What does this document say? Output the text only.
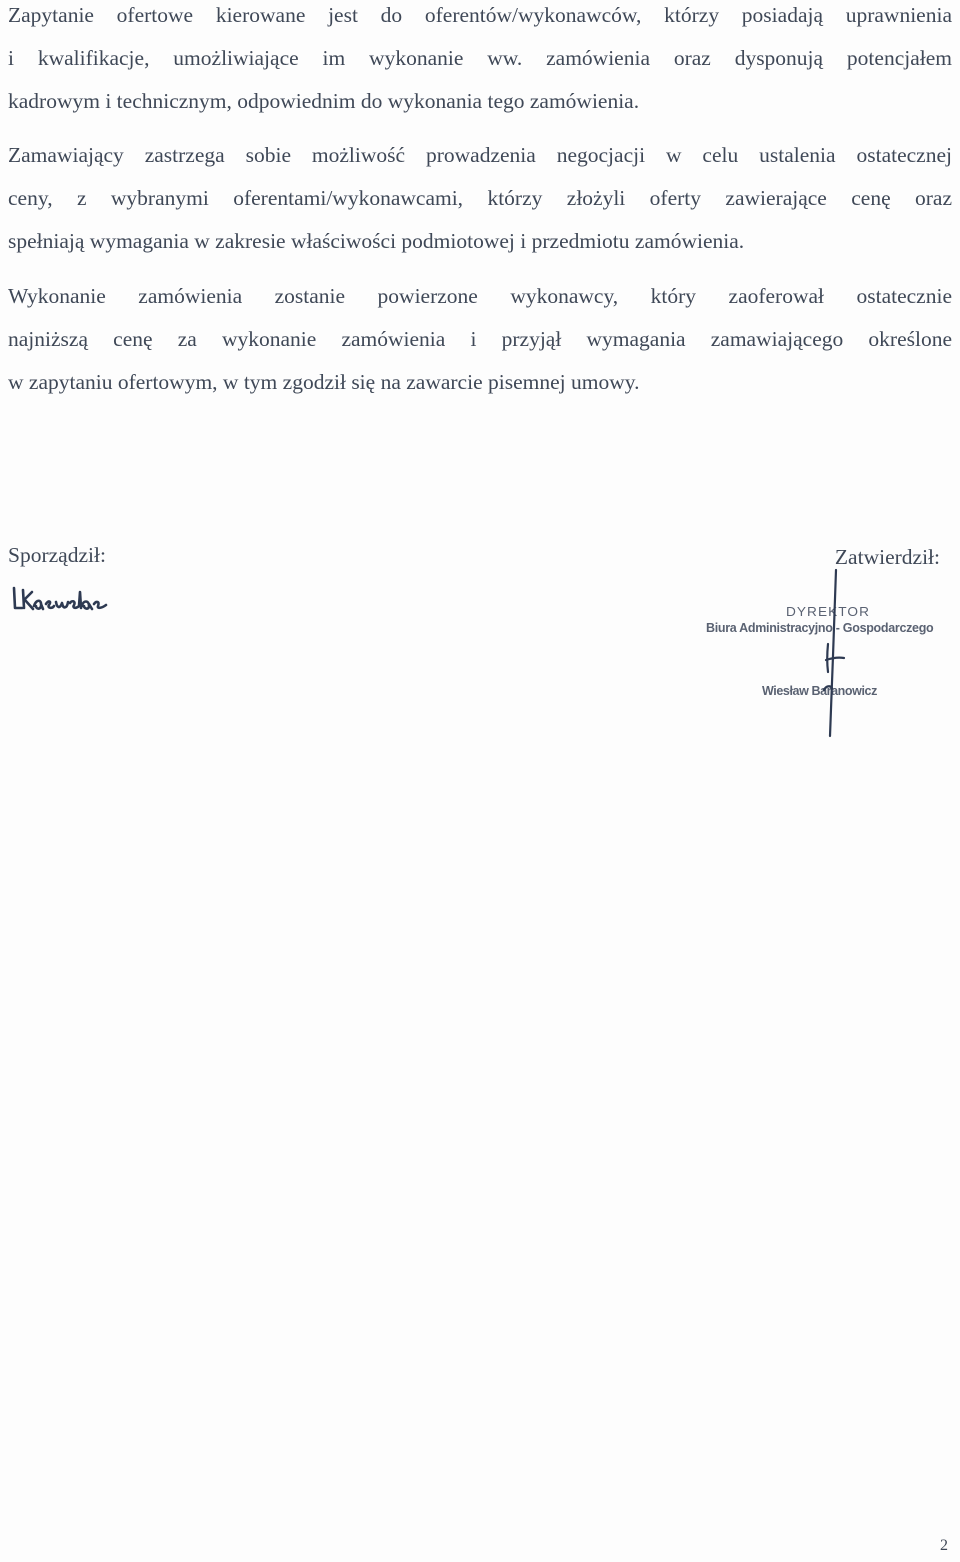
Zapytanie ofertowe kierowane jest do oferentów/wykonawców, którzy posiadają uprawnienia
i kwalifikacje, umożliwiające im wykonanie ww. zamówienia oraz dysponują potencjałem
kadrowym i technicznym, odpowiednim do wykonania tego zamówienia.

Zamawiający zastrzega sobie możliwość prowadzenia negocjacji w celu ustalenia ostatecznej
ceny, z wybranymi oferentami/wykonawcami, którzy złożyli oferty zawierające cenę oraz
spełniają wymagania w zakresie właściwości podmiotowej i przedmiotu zamówienia.

Wykonanie zamówienia zostanie powierzone wykonawcy, który zaoferował ostatecznie
najniższą cenę za wykonanie zamówienia i przyjął wymagania zamawiającego określone
w zapytaniu ofertowym, w tym zgodził się na zawarcie pisemnej umowy.

Sporządził:	Zatwierdził:
DYREKTOR
Biura Administracyjno - Gospodarczego
Wiesław Baranowicz
2
